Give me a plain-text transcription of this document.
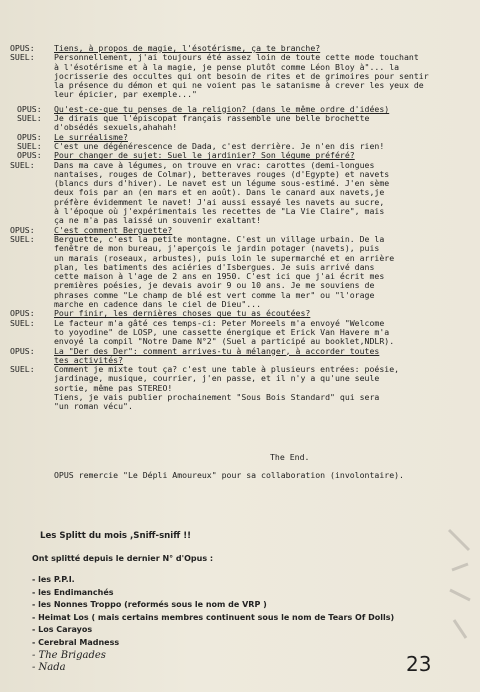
OPUS:	Tiens, à propos de magie, l'ésotérisme, ça te branche?
SUEL:	Personnellement, j'ai toujours été assez loin de toute cette mode touchant
à l'ésotérisme et à la magie, je pense plutôt comme Léon Bloy à"... la
jocrisserie des occultes qui ont besoin de rites et de grimoires pour sentir
la présence du démon et qui ne voient pas le satanisme à crever les yeux de
leur épicier, par exemple..."
OPUS:	Qu'est-ce-que tu penses de la religion? (dans le même ordre d'idées)
SUEL:	Je dirais que l'épiscopat français rassemble une belle brochette
d'obsédés sexuels,ahahah!
OPUS:	Le surréalisme?
SUEL:	C'est une dégénérescence de Dada, c'est derrière. Je n'en dis rien!
OPUS:	Pour changer de sujet: Suel le jardinier? Son légume préféré?
SUEL:	Dans ma cave à légumes, on trouve en vrac: carottes (demi-longues
nantaises, rouges de Colmar), betteraves rouges (d'Egypte) et navets
(blancs durs d'hiver). Le navet est un légume sous-estimé. J'en sème
deux fois par an (en mars et en août). Dans le canard aux navets,je
préfère évidemment le navet! J'ai aussi essayé les navets au sucre,
à l'époque où j'expérimentais les recettes de "La Vie Claire", mais
ça ne m'a pas laissé un souvenir exaltant!
OPUS:	C'est comment Berguette?
SUEL:	Berguette, c'est la petite montagne. C'est un village urbain. De la
fenêtre de mon bureau, j'aperçois le jardin potager (navets), puis
un marais (roseaux, arbustes), puis loin le supermarché et en arrière
plan, les batiments des aciéries d'Isbergues. Je suis arrivé dans
cette maison à l'age de 2 ans en 1950. C'est ici que j'ai écrit mes
premières poésies, je devais avoir 9 ou 10 ans. Je me souviens de
phrases comme "Le champ de blé est vert comme la mer" ou "l'orage
marche en cadence dans le ciel de Dieu"...
OPUS:	Pour finir, les dernières choses que tu as écoutées?
SUEL:	Le facteur m'a gâté ces temps-ci: Peter Moreels m'a envoyé "Welcome
to yoyodine" de LOSP, une cassette énergique et Erick Van Havere m'a
envoyé la compil "Notre Dame N°2" (Suel a participé au booklet,NDLR).
OPUS:	La "Der des Der": comment arrives-tu à mélanger, à accorder toutes
tes activités?
SUEL:	Comment je mixte tout ça? c'est une table à plusieurs entrées: poésie,
jardinage, musique, courrier, j'en passe, et il n'y a qu'une seule
sortie, même pas STEREO!
Tiens, je vais publier prochainement "Sous Bois Standard" qui sera
"un roman vécu".
The End.
OPUS remercie "Le Dépli Amoureux" pour sa collaboration (involontaire).
Les Splitt du mois ,Sniff-sniff !!
Ont splitté depuis le dernier N° d'Opus :
- les P.P.I.
- les Endimanchés
- les Nonnes Troppo (reformés sous le nom de VRP )
- Heimat Los ( mais certains membres continuent sous le nom de Tears Of Dolls)
- Los Carayos
- Cerebral Madness
- The Brigades
- Nada	23
